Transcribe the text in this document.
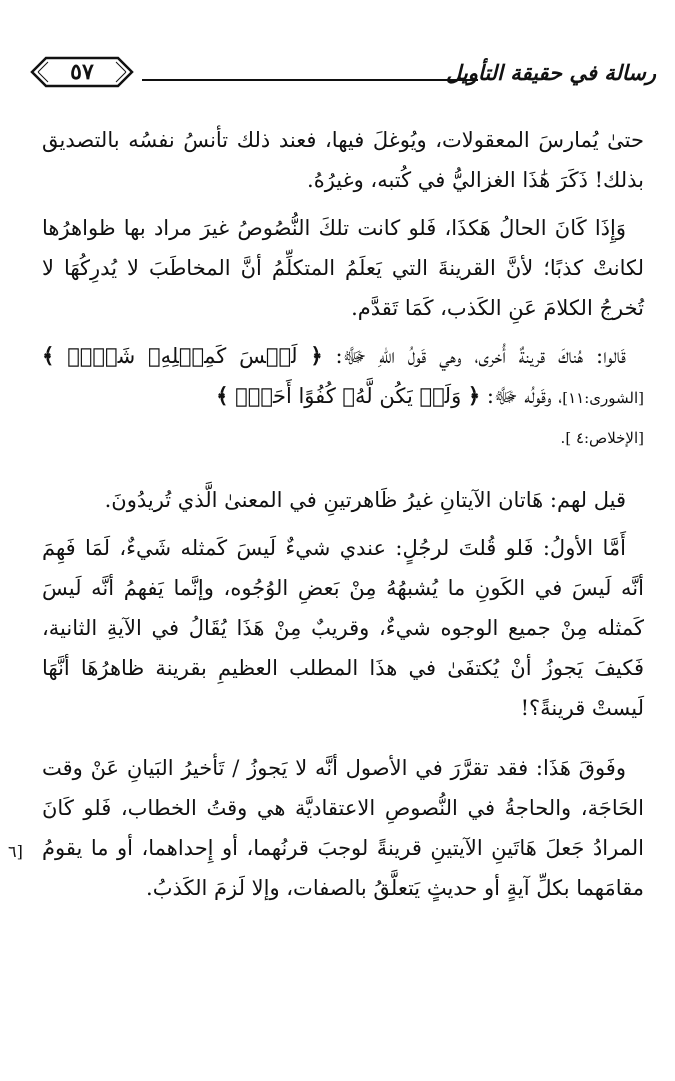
٥٧	رسالة في حقيقة التأويل

حتىٰ يُمارسَ المعقولات، ويُوغلَ فيها، فعند ذلك تأنسُ نفسُه بالتصديق بذلك! ذَكَرَ هَٰذَا الغزاليُّ في كُتبه، وغيرُهُ.

وَإِذَا كَانَ الحالُ هَكذَا، فَلو كانت تلكَ النُّصُوصُ غيرَ مراد بها ظواهرُها لكانتْ كذبًا؛ لأنَّ القرينةَ التي يَعلَمُ المتكلِّمُ أنَّ المخاطَبَ لا يُدرِكُهَا لا تُخرجُ الكلامَ عَنِ الكَذب، كَمَا تَقدَّم.

قَالوا: هُناكَ قرينةٌ أُخرى، وهي قَولُ اللهِ ﷻ: ﴿ لَيۡسَ كَمِثۡلِهِۦ شَيۡءٞ ﴾ [الشورى:١١]، وقَولُه ﷻ: ﴿ وَلَمۡ يَكُن لَّهُۥ كُفُوًا أَحَدُۢ ﴾

[الإخلاص:٤ ].

قيل لهم: هَاتان الآيتانِ غيرُ ظَاهرتينِ في المعنىٰ الَّذي تُريدُونَ.

أَمَّا الأولُ: فَلو قُلتَ لرجُلٍ: عندي شيءٌ لَيسَ كَمثله شَيءٌ، لَمَا فَهِمَ أنَّه لَيسَ في الكَونِ ما يُشبهُهُ مِنْ بَعضِ الوُجُوه، وإنَّما يَفهمُ أنَّه لَيسَ كَمثله مِنْ جميع الوجوه شيءٌ، وقريبٌ مِنْ هَذَا يُقَالُ في الآيةِ الثانية، فَكيفَ يَجوزُ أنْ يُكتفَىٰ في هذَا المطلب العظيمِ بقرينة ظاهرُهَا أنَّهَا لَيستْ قرينةً؟!

وفَوقَ هَذَا: فقد تقرَّرَ في الأصول أنَّه لا يَجوزُ / تَأخيرُ البَيانِ عَنْ وقت الحَاجَة، والحاجةُ في النُّصوصِ الاعتقاديَّة هي وقتُ الخطاب، فَلو كَانَ المرادُ جَعلَ هَاتَينِ الآيتينِ قرينةً لوجبَ قرنُهما، أو إِحداهما، أو ما يقومُ مقامَهما بكلِّ آيةٍ أو حديثٍ يَتعلَّقُ بالصفات، وإلا لَزمَ الكَذبُ.

[٦
